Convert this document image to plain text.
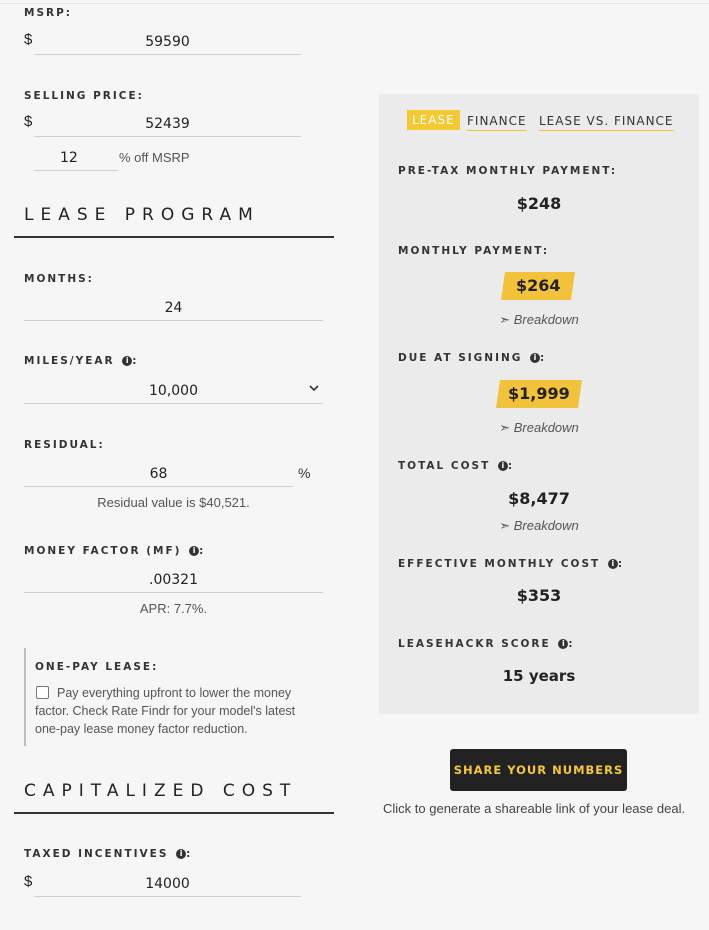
MSRP:
$	59590
SELLING PRICE:
$	52439
12	% off MSRP
LEASE PROGRAM
MONTHS:
24
MILES/YEAR i :
10,000
RESIDUAL:
68	%
Residual value is $40,521.
MONEY FACTOR (MF) i :
.00321
APR: 7.7%.
ONE-PAY LEASE:
Pay everything upfront to lower the money factor. Check Rate Findr for your model's latest one-pay lease money factor reduction.
CAPITALIZED COST
TAXED INCENTIVES i :
$	14000
LEASE	FINANCE LEASE VS. FINANCE
PRE-TAX MONTHLY PAYMENT:
$248
MONTHLY PAYMENT:
$264
➣ Breakdown
DUE AT SIGNING i :
$1,999
➣ Breakdown
TOTAL COST i :
$8,477
➣ Breakdown
EFFECTIVE MONTHLY COST i :
$353
LEASEHACKR SCORE i :
15 years
SHARE YOUR NUMBERS
Click to generate a shareable link of your lease deal.
